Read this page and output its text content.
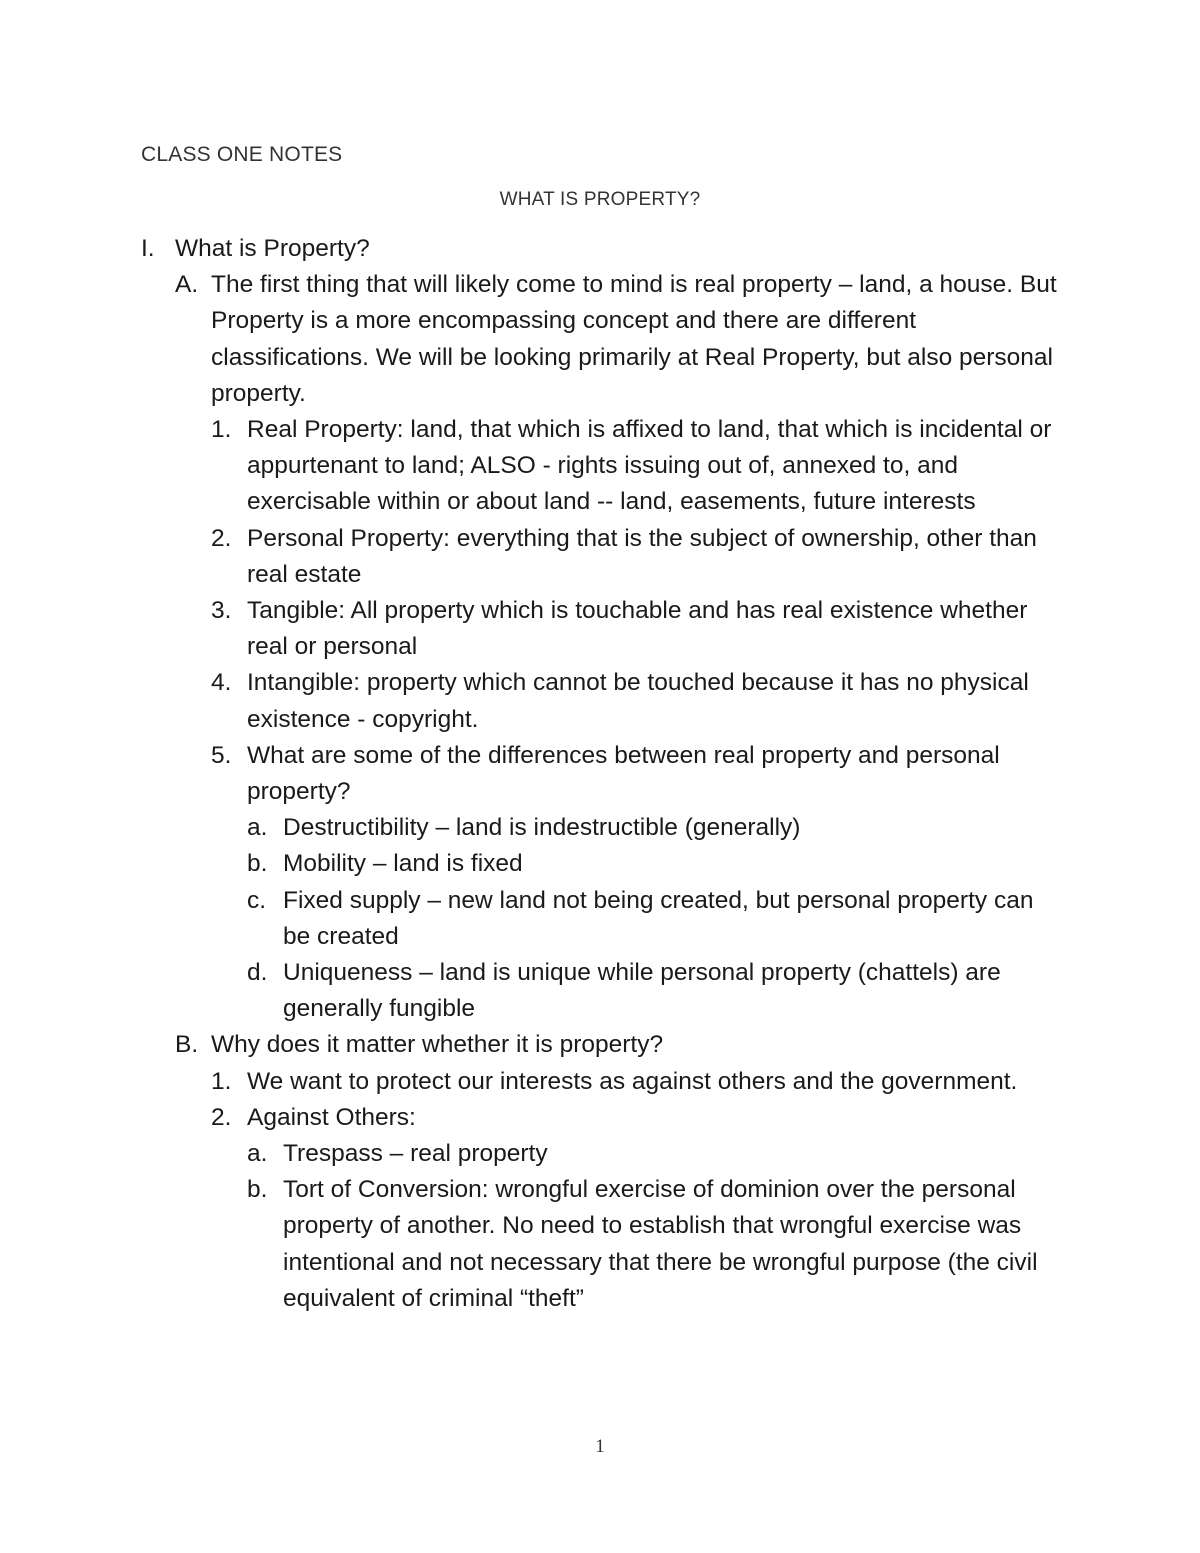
CLASS ONE NOTES
WHAT IS PROPERTY?
I. What is Property?
A. The first thing that will likely come to mind is real property – land, a house. But Property is a more encompassing concept and there are different classifications. We will be looking primarily at Real Property, but also personal property.
1. Real Property: land, that which is affixed to land, that which is incidental or appurtenant to land; ALSO - rights issuing out of, annexed to, and exercisable within or about land -- land, easements, future interests
2. Personal Property: everything that is the subject of ownership, other than real estate
3. Tangible: All property which is touchable and has real existence whether real or personal
4. Intangible: property which cannot be touched because it has no physical existence - copyright.
5. What are some of the differences between real property and personal property?
a. Destructibility – land is indestructible (generally)
b. Mobility – land is fixed
c. Fixed supply – new land not being created, but personal property can be created
d. Uniqueness – land is unique while personal property (chattels) are generally fungible
B. Why does it matter whether it is property?
1. We want to protect our interests as against others and the government.
2. Against Others:
a. Trespass – real property
b. Tort of Conversion: wrongful exercise of dominion over the personal property of another. No need to establish that wrongful exercise was intentional and not necessary that there be wrongful purpose (the civil equivalent of criminal “theft”
1
